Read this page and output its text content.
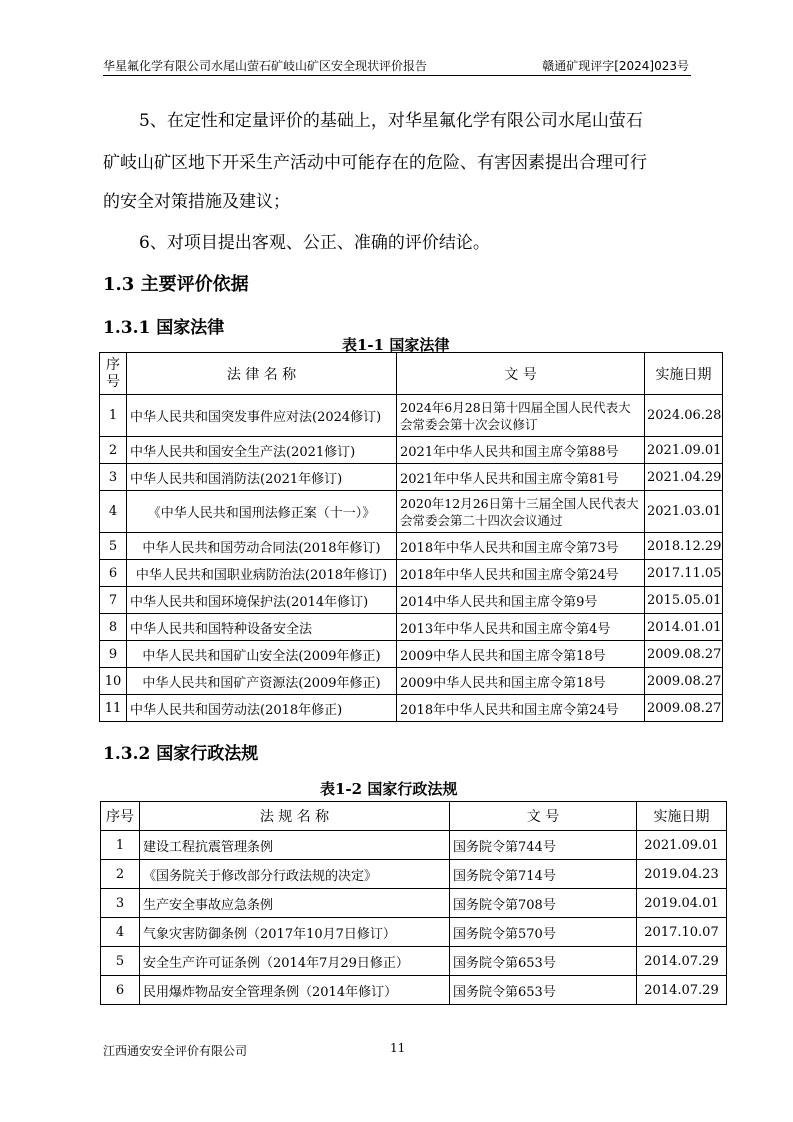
华星氟化学有限公司水尾山萤石矿岐山矿区安全现状评价报告	赣通矿现评字[2024]023号
5、在定性和定量评价的基础上，对华星氟化学有限公司水尾山萤石
矿岐山矿区地下开采生产活动中可能存在的危险、有害因素提出合理可行
的安全对策措施及建议；
6、对项目提出客观、公正、准确的评价结论。
1.3 主要评价依据
1.3.1 国家法律
表1-1 国家法律
序号	法 律 名 称	文 号	实施日期
1	中华人民共和国突发事件应对法(2024修订)	2024年6月28日第十四届全国人民代表大会常委会第十次会议修订	2024.06.28
2	中华人民共和国安全生产法(2021修订)	2021年中华人民共和国主席令第88号	2021.09.01
3	中华人民共和国消防法(2021年修订)	2021年中华人民共和国主席令第81号	2021.04.29
4	《中华人民共和国刑法修正案（十一）》	2020年12月26日第十三届全国人民代表大会常委会第二十四次会议通过	2021.03.01
5	中华人民共和国劳动合同法(2018年修订)	2018年中华人民共和国主席令第73号	2018.12.29
6	中华人民共和国职业病防治法(2018年修订)	2018年中华人民共和国主席令第24号	2017.11.05
7	中华人民共和国环境保护法(2014年修订)	2014中华人民共和国主席令第9号	2015.05.01
8	中华人民共和国特种设备安全法	2013年中华人民共和国主席令第4号	2014.01.01
9	中华人民共和国矿山安全法(2009年修正)	2009中华人民共和国主席令第18号	2009.08.27
10	中华人民共和国矿产资源法(2009年修正)	2009中华人民共和国主席令第18号	2009.08.27
11	中华人民共和国劳动法(2018年修正)	2018年中华人民共和国主席令第24号	2009.08.27
1.3.2 国家行政法规
表1-2 国家行政法规
序号	法 规 名 称	文 号	实施日期
1	建设工程抗震管理条例	国务院令第744号	2021.09.01
2	《国务院关于修改部分行政法规的决定》	国务院令第714号	2019.04.23
3	生产安全事故应急条例	国务院令第708号	2019.04.01
4	气象灾害防御条例（2017年10月7日修订）	国务院令第570号	2017.10.07
5	安全生产许可证条例（2014年7月29日修正）	国务院令第653号	2014.07.29
6	民用爆炸物品安全管理条例（2014年修订）	国务院令第653号	2014.07.29
江西通安安全评价有限公司	11
